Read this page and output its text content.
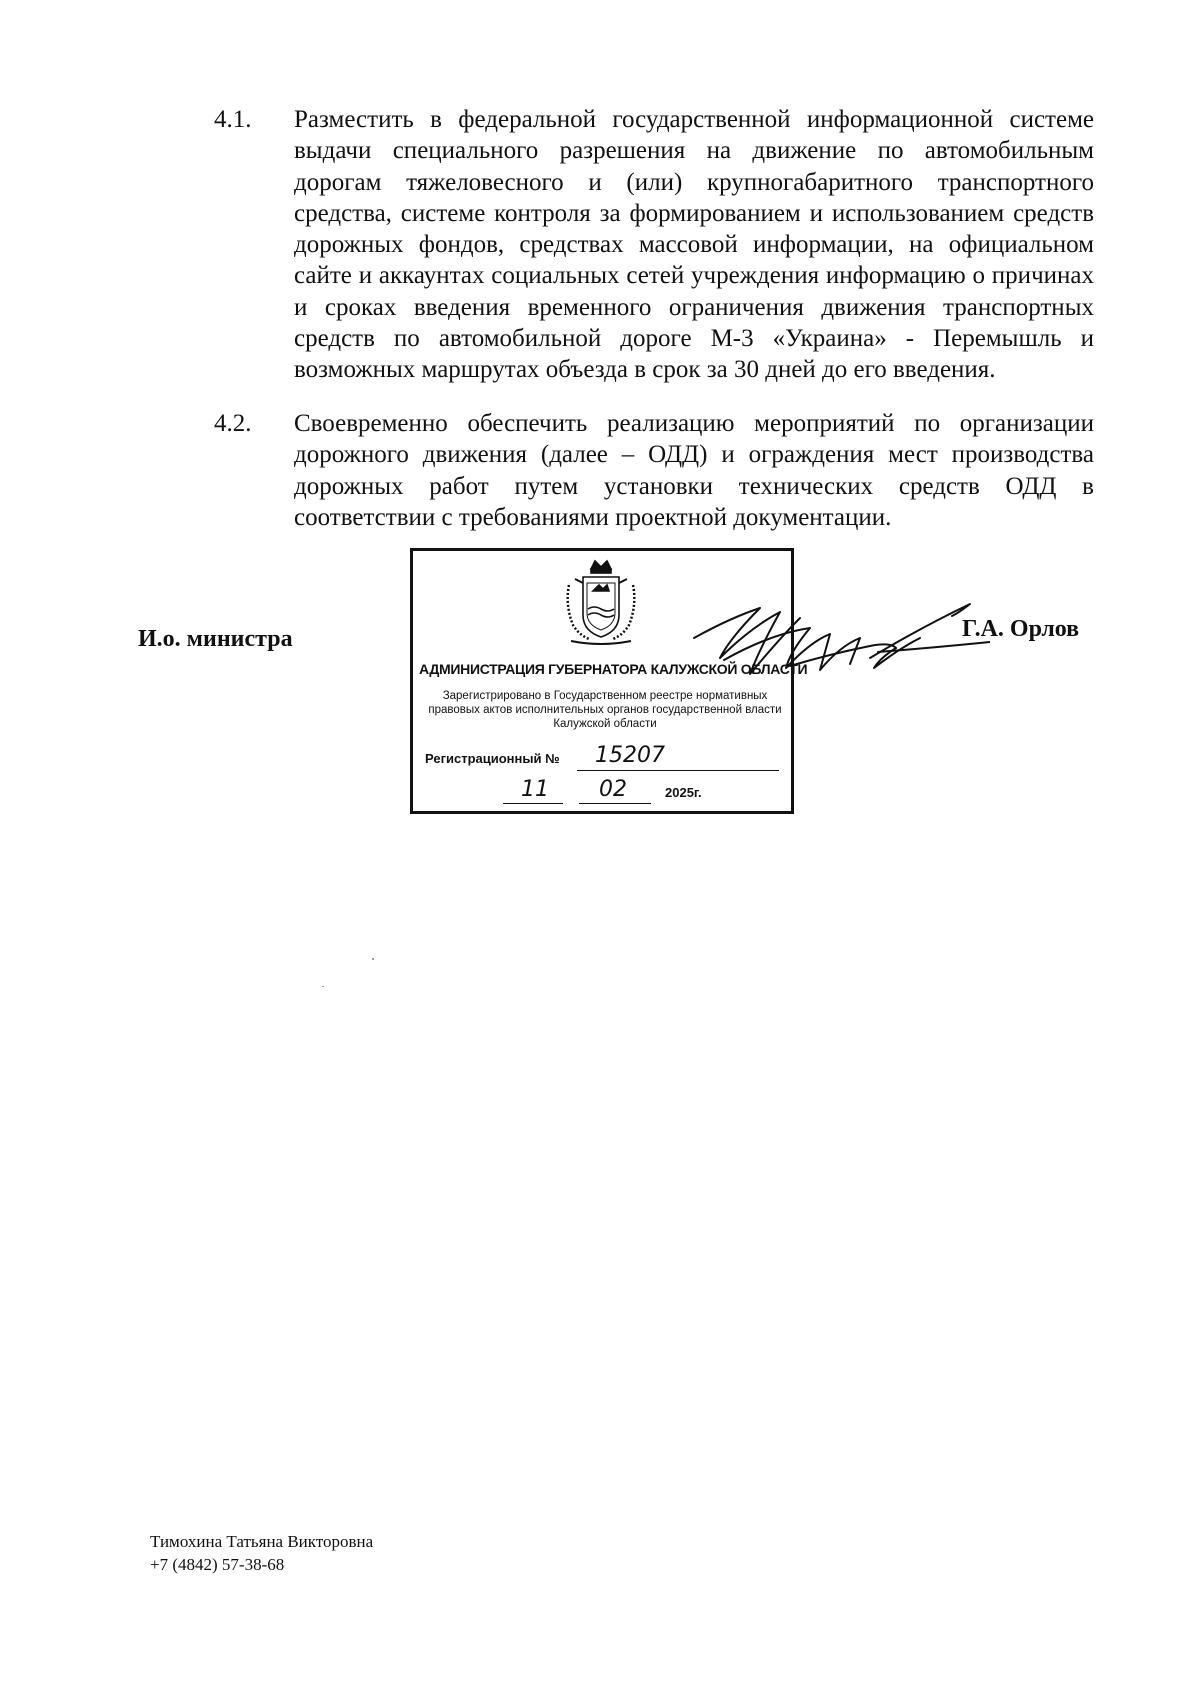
4.1.	Разместить в федеральной государственной информационной системе выдачи специального разрешения на движение по автомобильным дорогам тяжеловесного и (или) крупногабаритного транспортного средства, системе контроля за формированием и использованием средств дорожных фондов, средствах массовой информации, на официальном сайте и аккаунтах социальных сетей учреждения информацию о причинах и сроках введения временного ограничения движения транспортных средств по автомобильной дороге М-3 «Украина» - Перемышль и возможных маршрутах объезда в срок за 30 дней до его введения.
4.2.	Своевременно обеспечить реализацию мероприятий по организации дорожного движения (далее – ОДД) и ограждения мест производства дорожных работ путем установки технических средств ОДД в соответствии с требованиями проектной документации.
И.о. министра	Г.А. Орлов
АДМИНИСТРАЦИЯ ГУБЕРНАТОРА КАЛУЖСКОЙ ОБЛАСТИ
Зарегистрировано в Государственном реестре нормативных правовых актов исполнительных органов государственной власти Калужской области
Регистрационный № 15207
11 02	2025г.
Тимохина Татьяна Викторовна
+7 (4842) 57-38-68
